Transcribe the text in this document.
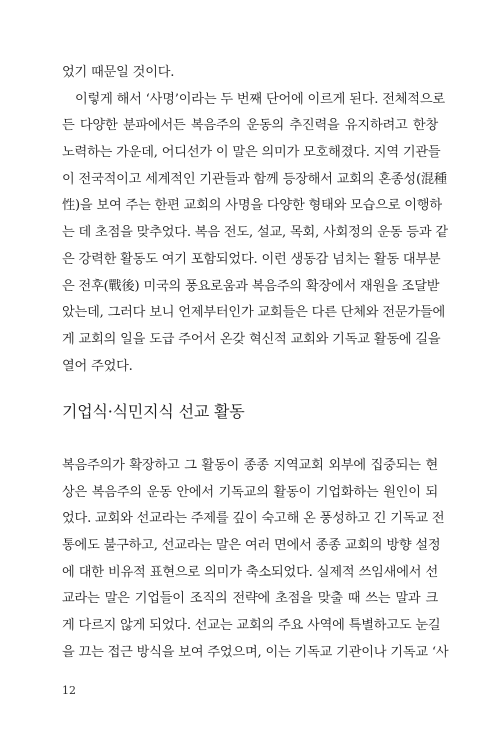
었기 때문일 것이다.
이렇게 해서 ‘사명’이라는 두 번째 단어에 이르게 된다. 전체적으로
든 다양한 분파에서든 복음주의 운동의 추진력을 유지하려고 한창
노력하는 가운데, 어디선가 이 말은 의미가 모호해졌다. 지역 기관들
이 전국적이고 세계적인 기관들과 함께 등장해서 교회의 혼종성(混種
性)을 보여 주는 한편 교회의 사명을 다양한 형태와 모습으로 이행하
는 데 초점을 맞추었다. 복음 전도, 설교, 목회, 사회정의 운동 등과 같
은 강력한 활동도 여기 포함되었다. 이런 생동감 넘치는 활동 대부분
은 전후(戰後) 미국의 풍요로움과 복음주의 확장에서 재원을 조달받
았는데, 그러다 보니 언제부터인가 교회들은 다른 단체와 전문가들에
게 교회의 일을 도급 주어서 온갖 혁신적 교회와 기독교 활동에 길을
열어 주었다.
기업식·식민지식 선교 활동
복음주의가 확장하고 그 활동이 종종 지역교회 외부에 집중되는 현
상은 복음주의 운동 안에서 기독교의 활동이 기업화하는 원인이 되
었다. 교회와 선교라는 주제를 깊이 숙고해 온 풍성하고 긴 기독교 전
통에도 불구하고, 선교라는 말은 여러 면에서 종종 교회의 방향 설정
에 대한 비유적 표현으로 의미가 축소되었다. 실제적 쓰임새에서 선
교라는 말은 기업들이 조직의 전략에 초점을 맞출 때 쓰는 말과 크
게 다르지 않게 되었다. 선교는 교회의 주요 사역에 특별하고도 눈길
을 끄는 접근 방식을 보여 주었으며, 이는 기독교 기관이나 기독교 ‘사
12
